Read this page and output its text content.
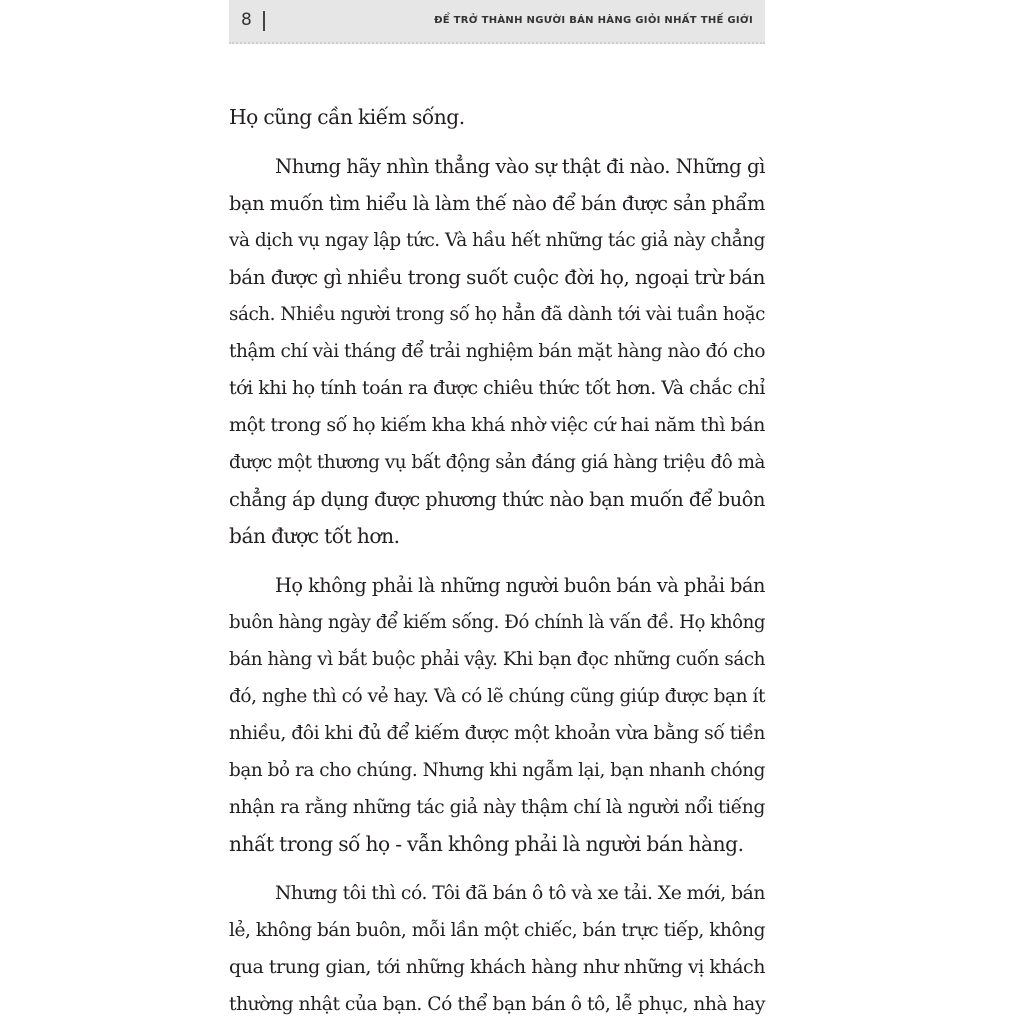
8	ĐỂ TRỞ THÀNH NGƯỜI BÁN HÀNG GIỎI NHẤT THẾ GIỚI
Họ cũng cần kiếm sống.
Nhưng hãy nhìn thẳng vào sự thật đi nào. Những gì
bạn muốn tìm hiểu là làm thế nào để bán được sản phẩm
và dịch vụ ngay lập tức. Và hầu hết những tác giả này chẳng
bán được gì nhiều trong suốt cuộc đời họ, ngoại trừ bán
sách. Nhiều người trong số họ hẳn đã dành tới vài tuần hoặc
thậm chí vài tháng để trải nghiệm bán mặt hàng nào đó cho
tới khi họ tính toán ra được chiêu thức tốt hơn. Và chắc chỉ
một trong số họ kiếm kha khá nhờ việc cứ hai năm thì bán
được một thương vụ bất động sản đáng giá hàng triệu đô mà
chẳng áp dụng được phương thức nào bạn muốn để buôn
bán được tốt hơn.
Họ không phải là những người buôn bán và phải bán
buôn hàng ngày để kiếm sống. Đó chính là vấn đề. Họ không
bán hàng vì bắt buộc phải vậy. Khi bạn đọc những cuốn sách
đó, nghe thì có vẻ hay. Và có lẽ chúng cũng giúp được bạn ít
nhiều, đôi khi đủ để kiếm được một khoản vừa bằng số tiền
bạn bỏ ra cho chúng. Nhưng khi ngẫm lại, bạn nhanh chóng
nhận ra rằng những tác giả này thậm chí là người nổi tiếng
nhất trong số họ - vẫn không phải là người bán hàng.
Nhưng tôi thì có. Tôi đã bán ô tô và xe tải. Xe mới, bán
lẻ, không bán buôn, mỗi lần một chiếc, bán trực tiếp, không
qua trung gian, tới những khách hàng như những vị khách
thường nhật của bạn. Có thể bạn bán ô tô, lễ phục, nhà hay
